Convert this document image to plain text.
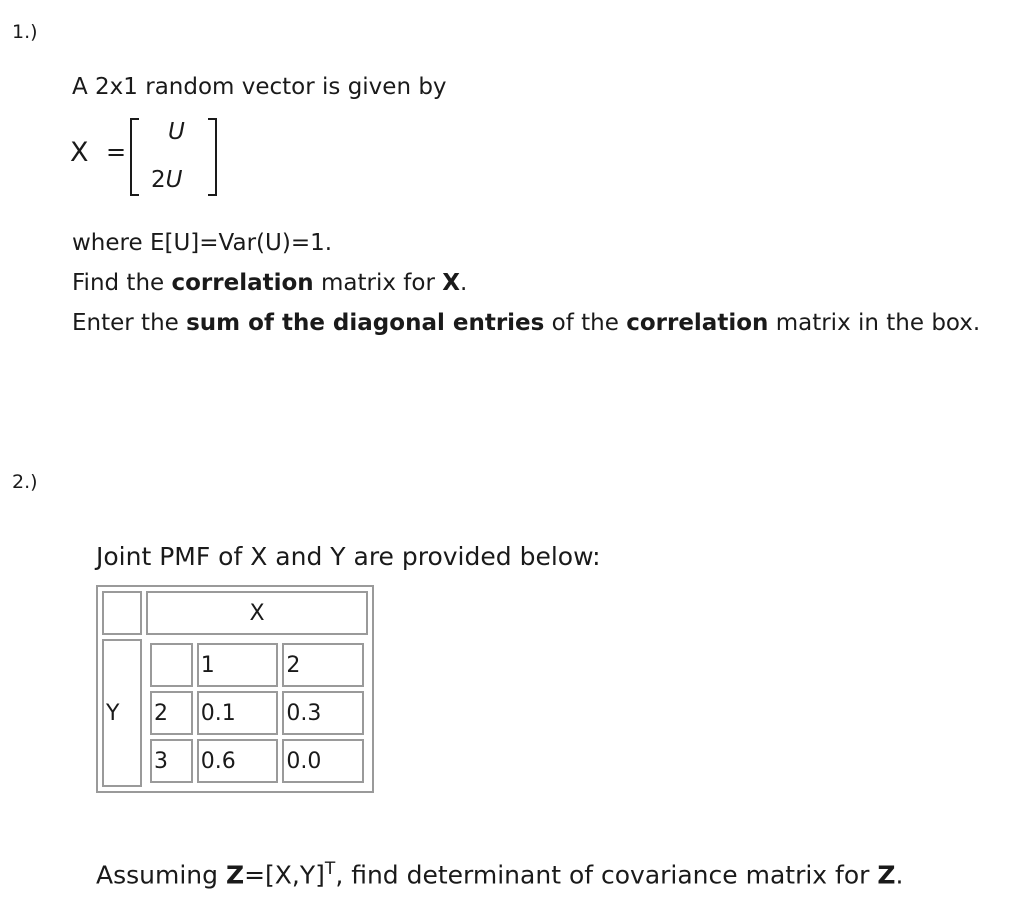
1.)
A 2x1 random vector is given by
X =
U
2U
where E[U]=Var(U)=1.
Find the correlation matrix for X.
Enter the sum of the diagonal entries of the correlation matrix in the box.
2.)
Joint PMF of X and Y are provided below:
	X
Y	
	1	2
2	0.1	0.3
3	0.6	0.0
Assuming $Z=[X,Y]^T$, find determinant of covariance matrix for Z.
